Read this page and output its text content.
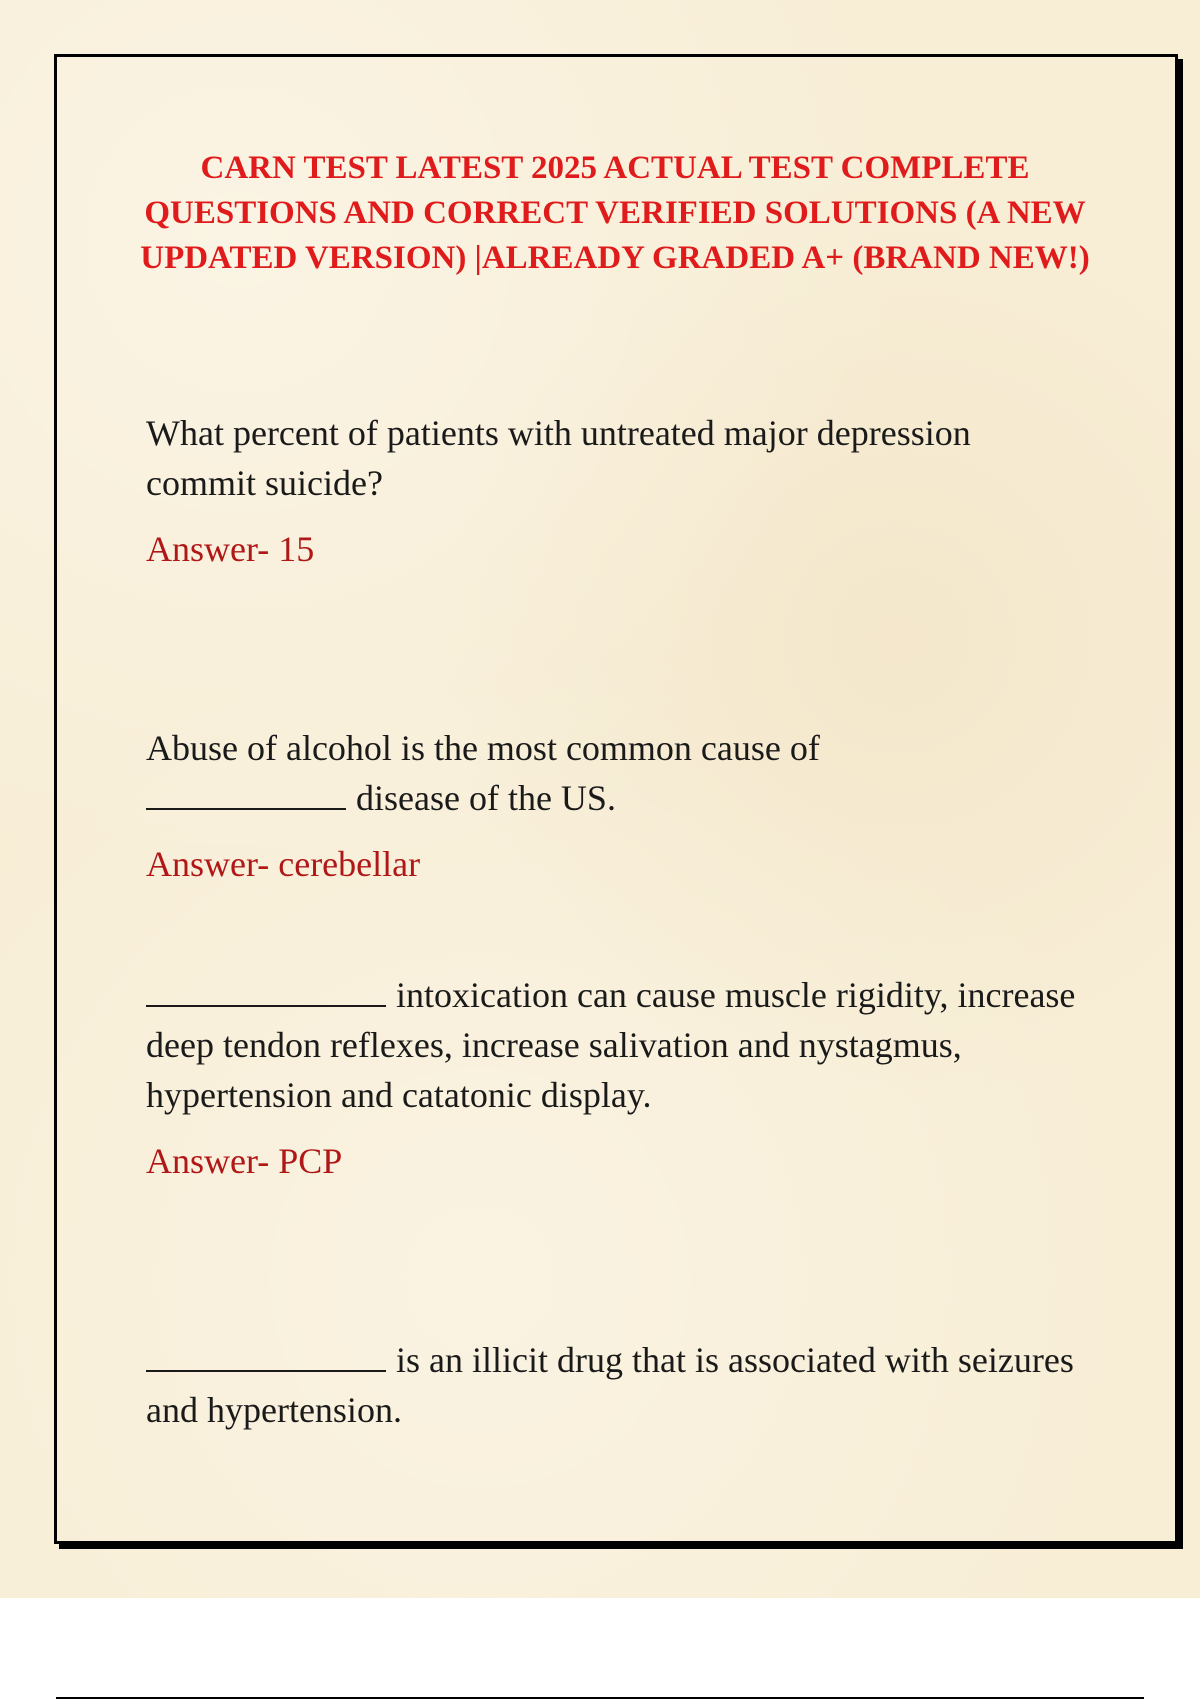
CARN TEST LATEST 2025 ACTUAL TEST COMPLETE QUESTIONS AND CORRECT VERIFIED SOLUTIONS (A NEW UPDATED VERSION) |ALREADY GRADED A+ (BRAND NEW!)

What percent of patients with untreated major depression commit suicide?

Answer- 15

Abuse of alcohol is the most common cause of
disease of the US.

Answer- cerebellar

intoxication can cause muscle rigidity, increase deep tendon reflexes, increase salivation and nystagmus, hypertension and catatonic display.

Answer- PCP

is an illicit drug that is associated with seizures and hypertension.
